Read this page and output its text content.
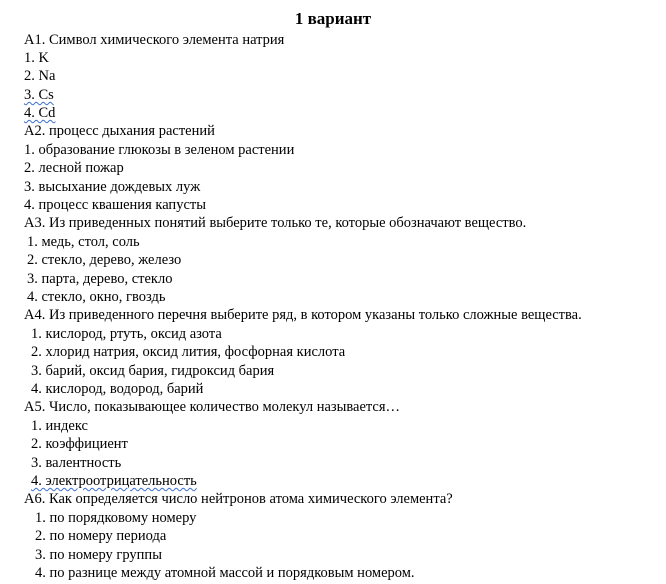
1 вариант
А1. Символ химического элемента натрия
1. K
2. Na
3. Cs
4. Cd
А2. процесс дыхания растений
1. образование глюкозы в зеленом растении
2. лесной пожар
3. высыхание дождевых луж
4. процесс квашения капусты
А3. Из приведенных понятий выберите только те, которые обозначают вещество.
1. медь, стол, соль
2. стекло, дерево, железо
3. парта, дерево, стекло
4. стекло, окно, гвоздь
А4. Из приведенного перечня выберите ряд, в котором указаны только сложные вещества.
1. кислород, ртуть, оксид азота
2. хлорид натрия, оксид лития, фосфорная кислота
3. барий, оксид бария, гидроксид бария
4. кислород, водород, барий
А5. Число, показывающее количество молекул называется…
1. индекс
2. коэффициент
3. валентность
4. электроотрицательность
А6. Как определяется число нейтронов атома химического элемента?
1. по порядковому номеру
2. по номеру периода
3. по номеру группы
4. по разнице между атомной массой и порядковым номером.
